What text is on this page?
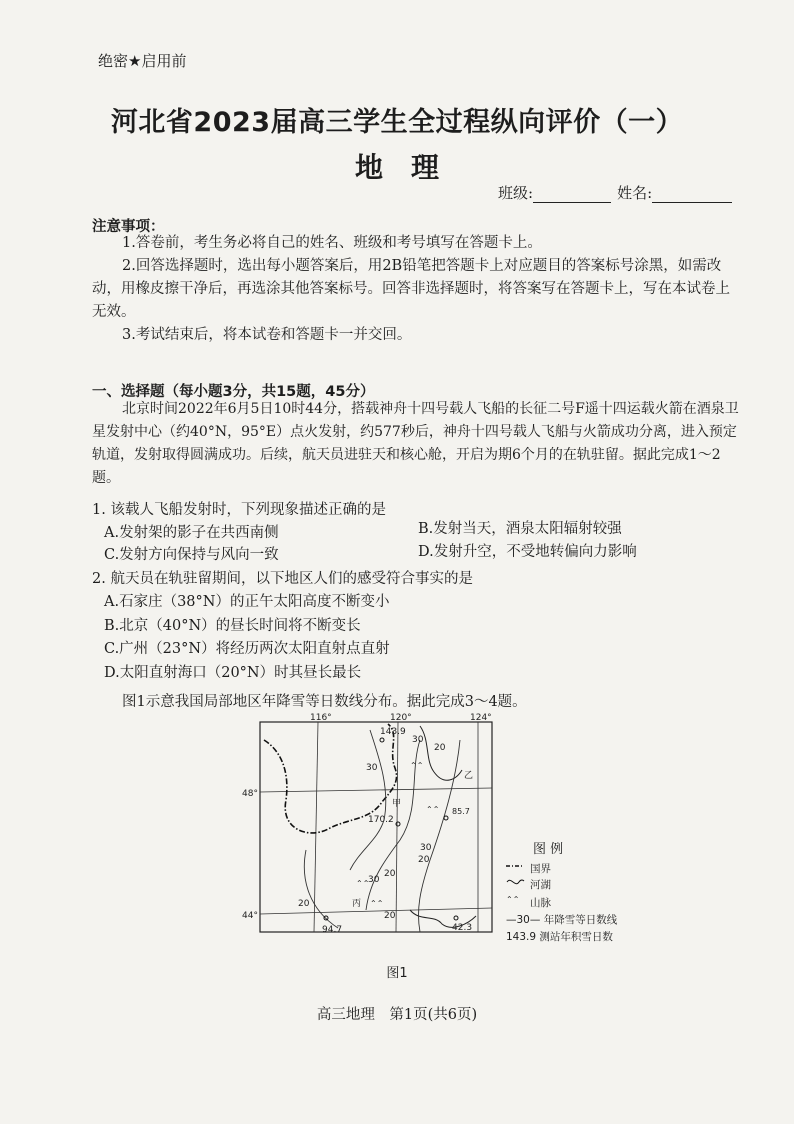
绝密★启用前
河北省2023届高三学生全过程纵向评价（一）
地理
班级:	姓名:
注意事项：
1.答卷前，考生务必将自己的姓名、班级和考号填写在答题卡上。
2.回答选择题时，选出每小题答案后，用2B铅笔把答题卡上对应题目的答案标号涂黑，如需改动，用橡皮擦干净后，再选涂其他答案标号。回答非选择题时，将答案写在答题卡上，写在本试卷上无效。
3.考试结束后，将本试卷和答题卡一并交回。
一、选择题（每小题3分，共15题，45分）
北京时间2022年6月5日10时44分，搭载神舟十四号载人飞船的长征二号F遥十四运载火箭在酒泉卫星发射中心（约40°N，95°E）点火发射，约577秒后，神舟十四号载人飞船与火箭成功分离，进入预定轨道，发射取得圆满成功。后续，航天员进驻天和核心舱，开启为期6个月的在轨驻留。据此完成1～2题。
1. 该载人飞船发射时，下列现象描述正确的是
A.发射架的影子在共西南侧	B.发射当天，酒泉太阳辐射较强
C.发射方向保持与风向一致	D.发射升空，不受地转偏向力影响
2. 航天员在轨驻留期间，以下地区人们的感受符合事实的是
A.石家庄（38°N）的正午太阳高度不断变小
B.北京（40°N）的昼长时间将不断变长
C.广州（23°N）将经历两次太阳直射点直射
D.太阳直射海口（20°N）时其昼长最长
图1示意我国局部地区年降雪等日数线分布。据此完成3～4题。
⌃⌃
⌃⌃
⌃⌃
⌃⌃
116°	120°	124°
48°
44°
143.9
170.2
85.7
94.7	42.3
30
30
20
30
20
20
30
20
20
甲
乙
丙
图 例
⌃⌃
国界
河湖
山脉
—30— 年降雪等日数线
143.9 测站年积雪日数
图1
高三地理　第1页(共6页)
